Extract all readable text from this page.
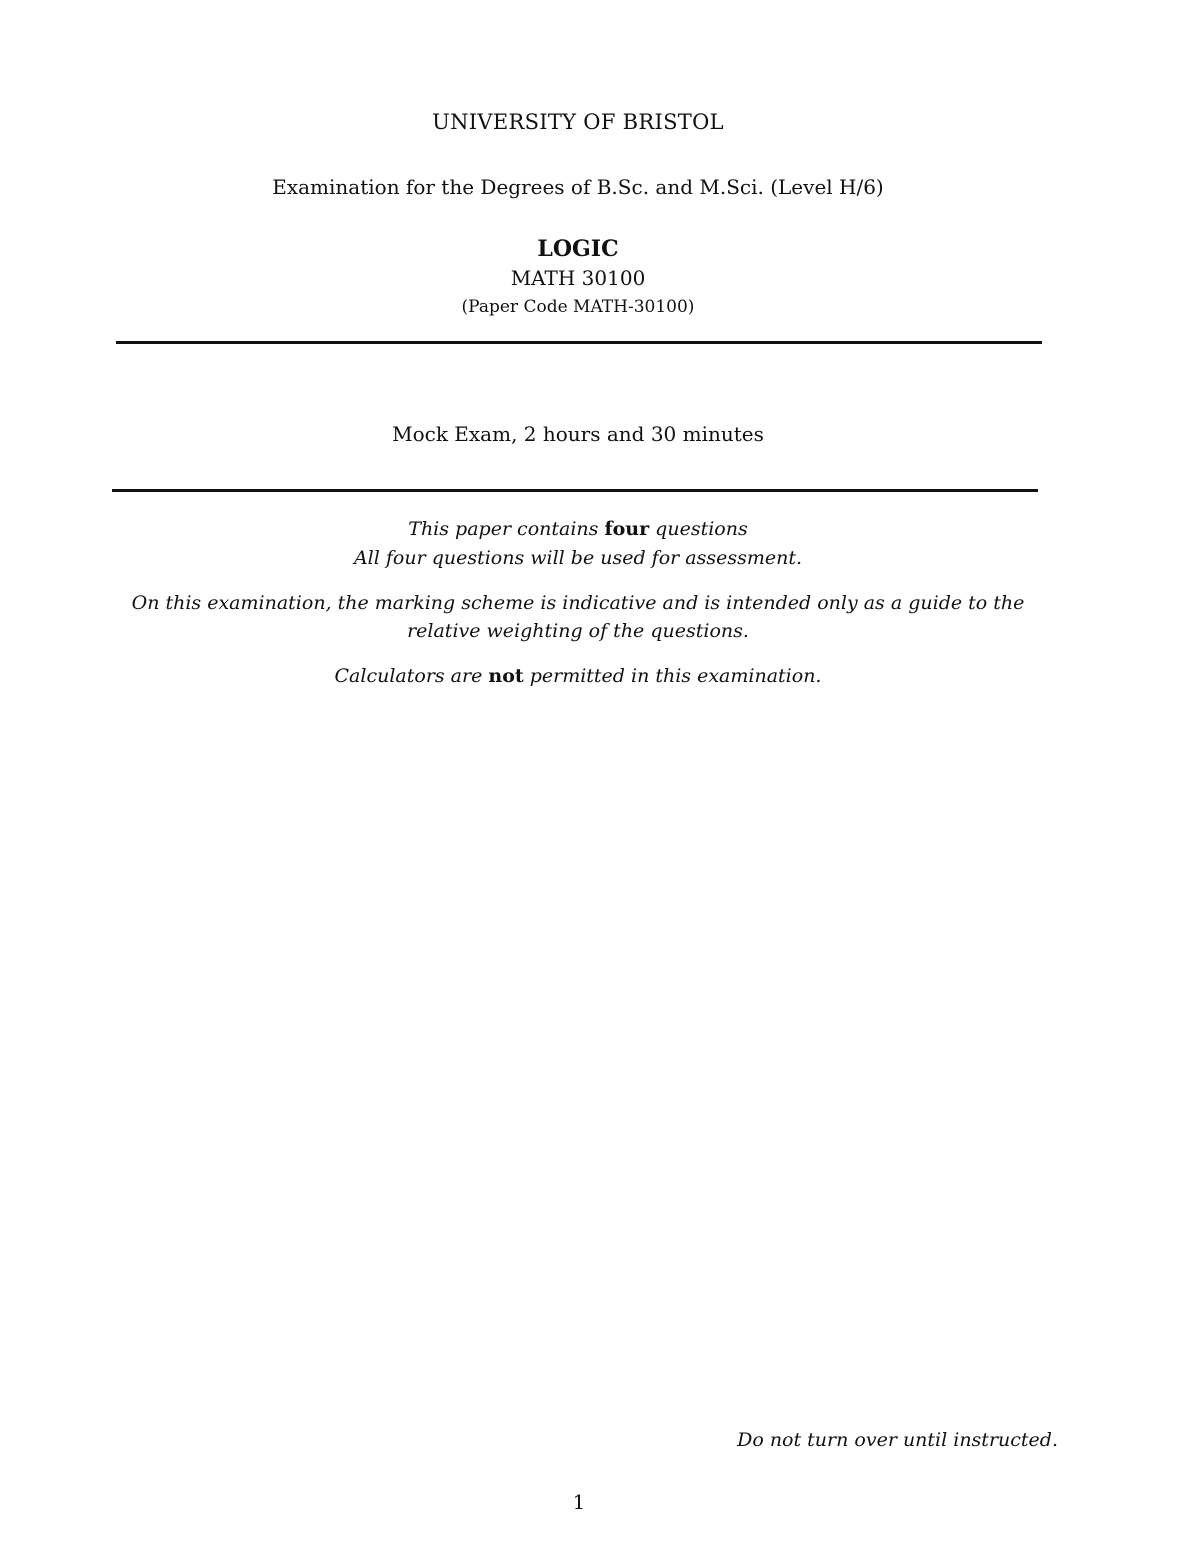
UNIVERSITY OF BRISTOL
Examination for the Degrees of B.Sc. and M.Sci. (Level H/6)
LOGIC
MATH 30100
(Paper Code MATH-30100)
Mock Exam, 2 hours and 30 minutes
This paper contains four questions
All four questions will be used for assessment.
On this examination, the marking scheme is indicative and is intended only as a guide to the
relative weighting of the questions.
Calculators are not permitted in this examination.
Do not turn over until instructed.
1
